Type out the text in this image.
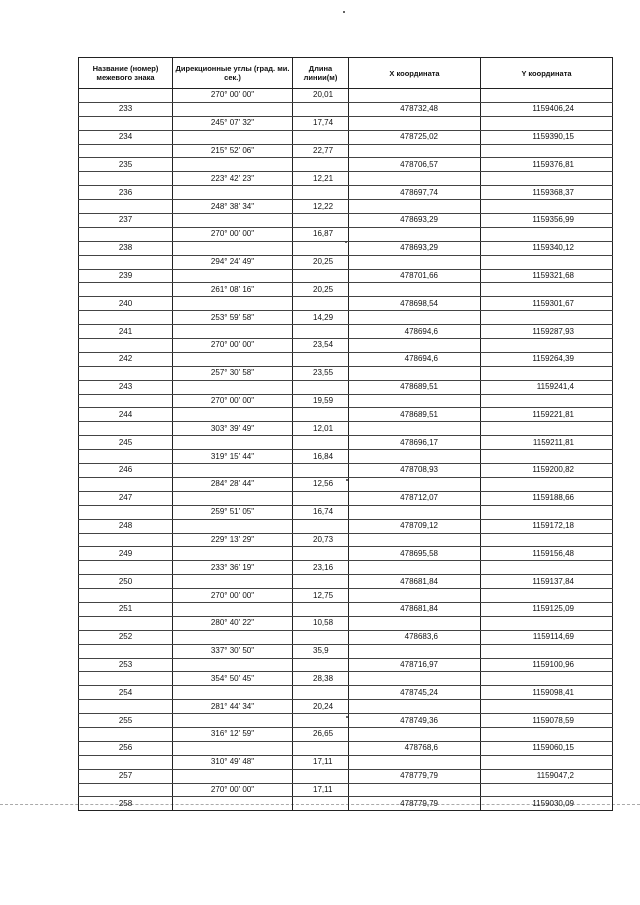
Название (номер) межевого знака	Дирекционные углы (град. ми. сек.)	Длина линии(м)	X координата	Y координата
	270° 00' 00"	20,01		
233			478732,48	1159406,24
	245° 07' 32"	17,74		
234			478725,02	1159390,15
	215° 52' 06"	22,77		
235			478706,57	1159376,81
	223° 42' 23"	12,21		
236			478697,74	1159368,37
	248° 38' 34"	12,22		
237			478693,29	1159356,99
	270° 00' 00"	16,87		
238			478693,29	1159340,12
	294° 24' 49"	20,25		
239			478701,66	1159321,68
	261° 08' 16"	20,25		
240			478698,54	1159301,67
	253° 59' 58"	14,29		
241			478694,6	1159287,93
	270° 00' 00"	23,54		
242			478694,6	1159264,39
	257° 30' 58"	23,55		
243			478689,51	1159241,4
	270° 00' 00"	19,59		
244			478689,51	1159221,81
	303° 39' 49"	12,01		
245			478696,17	1159211,81
	319° 15' 44"	16,84		
246			478708,93	1159200,82
	284° 28' 44"	12,56		
247			478712,07	1159188,66
	259° 51' 05"	16,74		
248			478709,12	1159172,18
	229° 13' 29"	20,73		
249			478695,58	1159156,48
	233° 36' 19"	23,16		
250			478681,84	1159137,84
	270° 00' 00"	12,75		
251			478681,84	1159125,09
	280° 40' 22"	10,58		
252			478683,6	1159114,69
	337° 30' 50"	35,9		
253			478716,97	1159100,96
	354° 50' 45"	28,38		
254			478745,24	1159098,41
	281° 44' 34"	20,24		
255			478749,36	1159078,59
	316° 12' 59"	26,65		
256			478768,6	1159060,15
	310° 49' 48"	17,11		
257			478779,79	1159047,2
	270° 00' 00"	17,11		
258			478779,79	1159030,09
